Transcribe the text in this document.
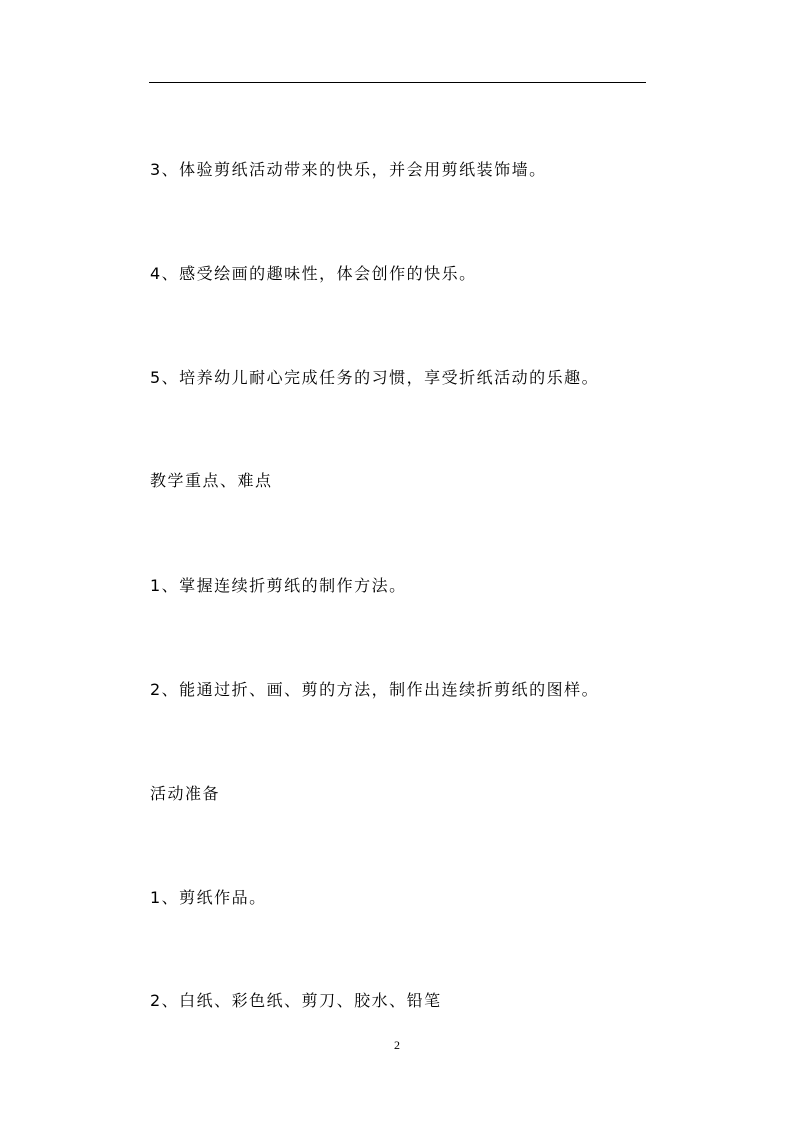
3、体验剪纸活动带来的快乐，并会用剪纸装饰墙。

4、感受绘画的趣味性，体会创作的快乐。

5、培养幼儿耐心完成任务的习惯，享受折纸活动的乐趣。

教学重点、难点

1、掌握连续折剪纸的制作方法。

2、能通过折、画、剪的方法，制作出连续折剪纸的图样。

活动准备

1、剪纸作品。

2、白纸、彩色纸、剪刀、胶水、铅笔

2
